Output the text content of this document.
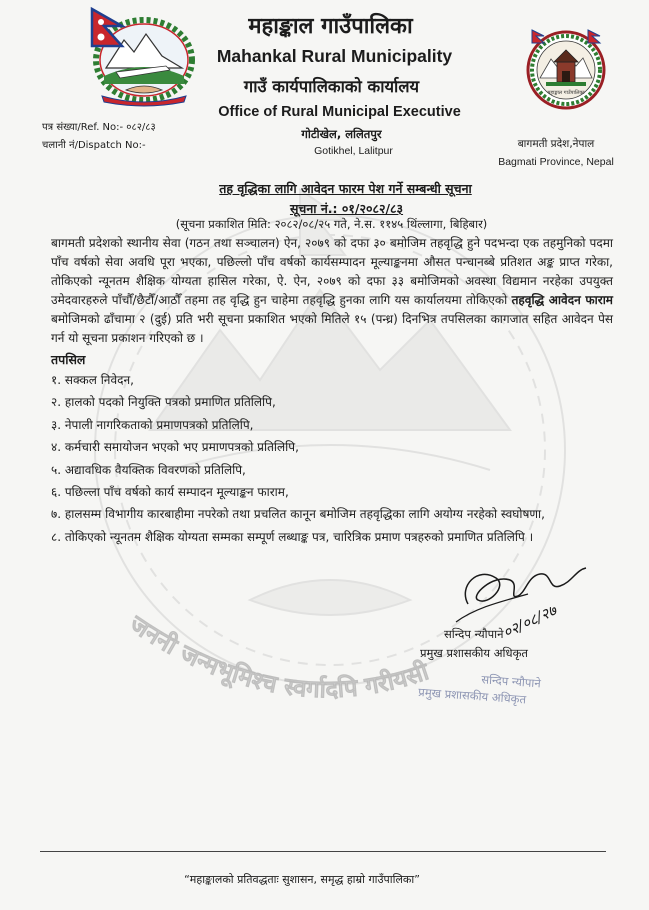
जननी जन्मभूमिश्च स्वर्गादपि गरीयसी
महाङ्काल गाउँपालिका
महाङ्काल गाउँपालिका
Mahankal Rural Municipality
गाउँ कार्यपालिकाको कार्यालय
Office of Rural Municipal Executive
गोटीखेल, ललितपुर
Gotikhel, Lalitpur
पत्र संख्या/Ref. No:- ०८२/८३
चलानी नं/Dispatch No:-	बागमती प्रदेश,नेपाल
Bagmati Province, Nepal
तह वृद्धिका लागि आवेदन फारम पेश गर्ने सम्बन्धी सूचना
सूचना नं.: ०१/२०८२/८३
(सूचना प्रकाशित मिति: २०८२/०८/२५ गते, ने.स. ११४५ थिंल्लागा, बिहिबार)

बागमती प्रदेशको स्थानीय सेवा (गठन तथा सञ्चालन) ऐन, २०७९ को दफा ३० बमोजिम तहवृद्धि हुने पदभन्दा एक तहमुनिको पदमा पाँच वर्षको सेवा अवधि पूरा भएका, पछिल्लो पाँच वर्षको कार्यसम्पादन मूल्याङ्कनमा औसत पन्चानब्बे प्रतिशत अङ्क प्राप्त गरेका, तोकिएको न्यूनतम शैक्षिक योग्यता हासिल गरेका, ऐ. ऐन, २०७९ को दफा ३३ बमोजिमको अवस्था विद्यमान नरहेका उपयुक्त उमेदवारहरुले पाँचौँ/छैटौँ/आठौँ तहमा तह वृद्धि हुन चाहेमा तहवृद्धि हुनका लागि यस कार्यालयमा तोकिएको तहवृद्धि आवेदन फाराम बमोजिमको ढाँचामा २ (दुई) प्रति भरी सूचना प्रकाशित भएको मितिले १५ (पन्ध्र) दिनभित्र तपसिलका कागजात सहित आवेदन पेस गर्न यो सूचना प्रकाशन गरिएको छ ।

तपसिल
१. सक्कल निवेदन,
२. हालको पदको नियुक्ति पत्रको प्रमाणित प्रतिलिपि,
३. नेपाली नागरिकताको प्रमाणपत्रको प्रतिलिपि,
४. कर्मचारी समायोजन भएको भए प्रमाणपत्रको प्रतिलिपि,
५. अद्यावधिक वैयक्तिक विवरणको प्रतिलिपि,
६. पछिल्ला पाँच वर्षको कार्य सम्पादन मूल्याङ्कन फाराम,
७. हालसम्म विभागीय कारबाहीमा नपरेको तथा प्रचलित कानून बमोजिम तहवृद्धिका लागि अयोग्य नरहेको स्वघोषणा,
८. तोकिएको न्यूनतम शैक्षिक योग्यता सम्मका सम्पूर्ण लब्धाङ्क पत्र, चारित्रिक प्रमाण पत्रहरुको प्रमाणित प्रतिलिपि ।
०२/०८/२७
सन्दिप न्यौपाने
प्रमुख प्रशासकीय अधिकृत
सन्दिप न्यौपाने
प्रमुख प्रशासकीय अधिकृत
“महाङ्कालको प्रतिवद्धताः सुशासन, समृद्ध हाम्रो गाउँपालिका”
